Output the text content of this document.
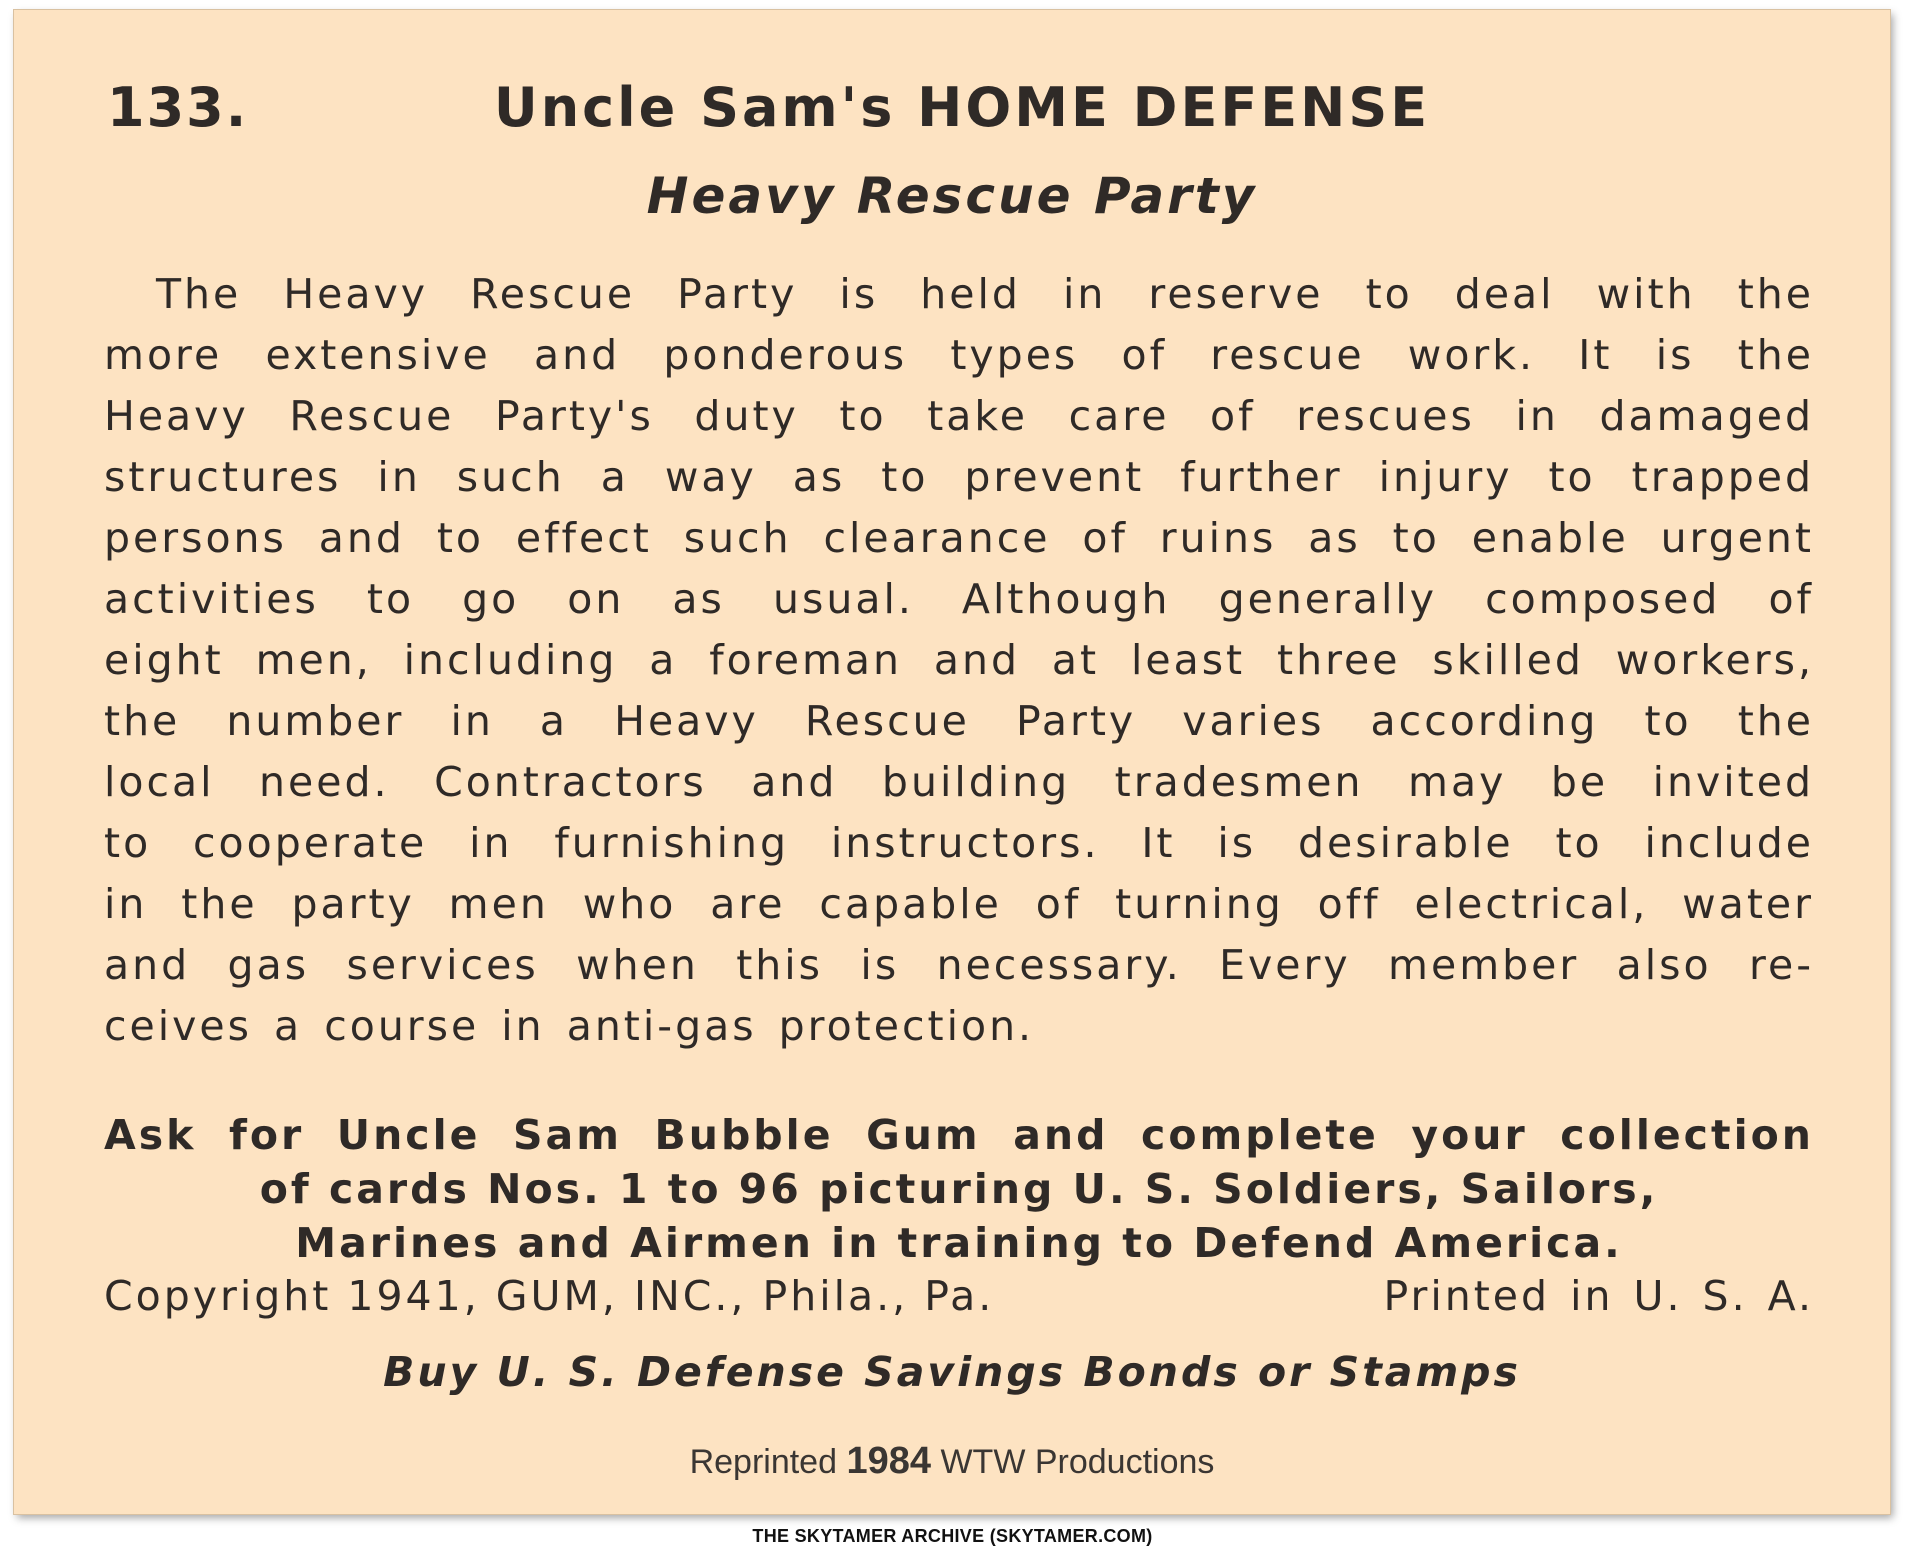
133.	Uncle Sam's HOME DEFENSE
Heavy Rescue Party
The Heavy Rescue Party is held in reserve to deal with the
more extensive and ponderous types of rescue work. It is the
Heavy Rescue Party's duty to take care of rescues in damaged
structures in such a way as to prevent further injury to trapped
persons and to effect such clearance of ruins as to enable urgent
activities to go on as usual. Although generally composed of
eight men, including a foreman and at least three skilled workers,
the number in a Heavy Rescue Party varies according to the
local need. Contractors and building tradesmen may be invited
to cooperate in furnishing instructors. It is desirable to include
in the party men who are capable of turning off electrical, water
and gas services when this is necessary. Every member also re-
ceives a course in anti-gas protection.
Ask for Uncle Sam Bubble Gum and complete your collection
of cards Nos. 1 to 96 picturing U. S. Soldiers, Sailors,
Marines and Airmen in training to Defend America.
Copyright 1941, GUM, INC., Phila., Pa.	Printed in U. S. A.
Buy U. S. Defense Savings Bonds or Stamps
Reprinted 1984 WTW Productions
THE SKYTAMER ARCHIVE (SKYTAMER.COM)
